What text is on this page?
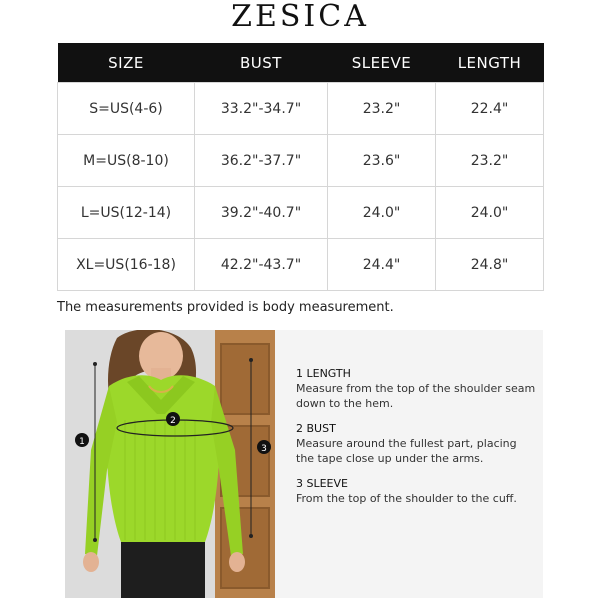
ZESICA
SIZE	BUST	SLEEVE	LENGTH
S=US(4-6)	33.2"-34.7"	23.2"	22.4"
M=US(8-10)	36.2"-37.7"	23.6"	23.2"
L=US(12-14)	39.2"-40.7"	24.0"	24.0"
XL=US(16-18)	42.2"-43.7"	24.4"	24.8"
The measurements provided is body measurement.
1
2
3
1 LENGTH
Measure from the top of the shoulder seam down to the hem.
2 BUST
Measure around the fullest part, placing the tape close up under the arms.
3 SLEEVE
From the top of the shoulder to the cuff.
